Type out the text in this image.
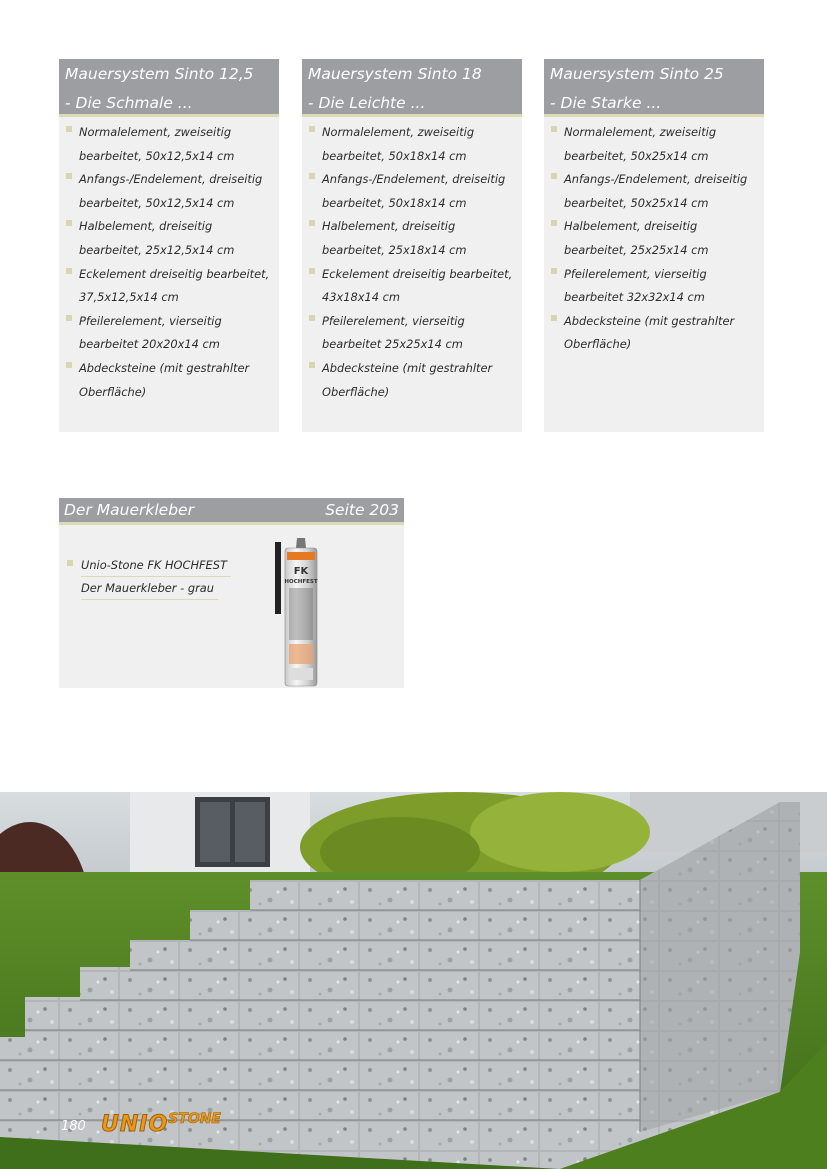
Mauersystem Sinto 12,5
- Die Schmale ...
Normalelement, zweiseitig bearbeitet, 50x12,5x14 cm
Anfangs-/Endelement, dreiseitig bearbeitet, 50x12,5x14 cm
Halbelement, dreiseitig bearbeitet, 25x12,5x14 cm
Eckelement dreiseitig bearbeitet, 37,5x12,5x14 cm
Pfeilerelement, vierseitig bearbeitet 20x20x14 cm
Abdecksteine (mit gestrahlter Oberfläche)
Mauersystem Sinto 18
- Die Leichte ...
Normalelement, zweiseitig bearbeitet, 50x18x14 cm
Anfangs-/Endelement, dreiseitig bearbeitet, 50x18x14 cm
Halbelement, dreiseitig bearbeitet, 25x18x14 cm
Eckelement dreiseitig bearbeitet, 43x18x14 cm
Pfeilerelement, vierseitig bearbeitet 25x25x14 cm
Abdecksteine (mit gestrahlter Oberfläche)
Mauersystem Sinto 25
- Die Starke ...
Normalelement, zweiseitig bearbeitet, 50x25x14 cm
Anfangs-/Endelement, dreiseitig bearbeitet, 50x25x14 cm
Halbelement, dreiseitig bearbeitet, 25x25x14 cm
Pfeilerelement, vierseitig bearbeitet 32x32x14 cm
Abdecksteine (mit gestrahlter Oberfläche)
Der Mauerkleber	Seite 203
Unio-Stone FK HOCHFEST
Der Mauerkleber - grau
FK
HOCHFEST
180 UNIOSTONE
